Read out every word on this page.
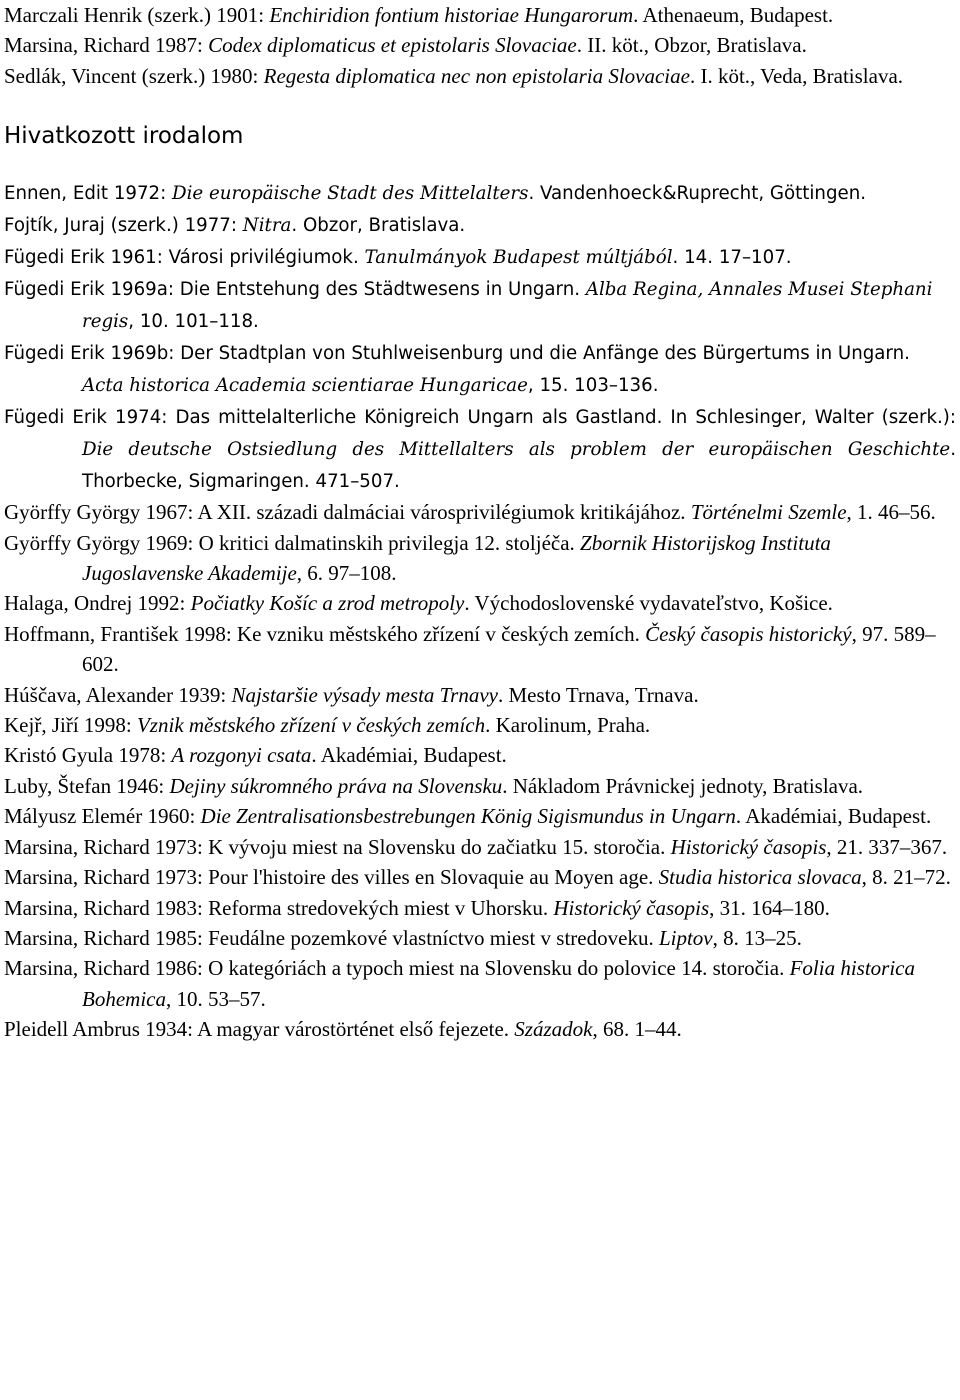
Marczali Henrik (szerk.) 1901: Enchiridion fontium historiae Hungarorum. Athenaeum, Budapest.

Marsina, Richard 1987: Codex diplomaticus et epistolaris Slovaciae. II. köt., Obzor, Bratislava.

Sedlák, Vincent (szerk.) 1980: Regesta diplomatica nec non epistolaria Slovaciae. I. köt., Veda, Bratislava.

Hivatkozott irodalom

Ennen, Edit 1972: Die europäische Stadt des Mittelalters. Vandenhoeck&Ruprecht, Göttingen.

Fojtík, Juraj (szerk.) 1977: Nitra. Obzor, Bratislava.

Fügedi Erik 1961: Városi privilégiumok. Tanulmányok Budapest múltjából. 14. 17–107.

Fügedi Erik 1969a: Die Entstehung des Städtwesens in Ungarn. Alba Regina, Annales Musei Stephani regis, 10. 101–118.

Fügedi Erik 1969b: Der Stadtplan von Stuhlweisenburg und die Anfänge des Bürgertums in Ungarn. Acta historica Academia scientiarae Hungaricae, 15. 103–136.

Fügedi Erik 1974: Das mittelalterliche Königreich Ungarn als Gastland. In Schlesinger, Walter (szerk.): Die deutsche Ostsiedlung des Mittellalters als problem der europäischen Geschichte. Thorbecke, Sigmaringen. 471–507.

Györffy György 1967: A XII. századi dalmáciai városprivilégiumok kritikájához. Történelmi Szemle, 1. 46–56.

Györffy György 1969: O kritici dalmatinskih privilegja 12. stoljéča. Zbornik Historijskog Instituta Jugoslavenske Akademije, 6. 97–108.

Halaga, Ondrej 1992: Počiatky Košíc a zrod metropoly. Východoslovenské vydavateľstvo, Košice.

Hoffmann, František 1998: Ke vzniku městského zřízení v českých zemích. Český časopis historický, 97. 589–602.

Húščava, Alexander 1939: Najstaršie výsady mesta Trnavy. Mesto Trnava, Trnava.

Kejř, Jiří 1998: Vznik městského zřízení v českých zemích. Karolinum, Praha.

Kristó Gyula 1978: A rozgonyi csata. Akadémiai, Budapest.

Luby, Štefan 1946: Dejiny súkromného práva na Slovensku. Nákladom Právnickej jednoty, Bratislava.

Mályusz Elemér 1960: Die Zentralisationsbestrebungen König Sigismundus in Ungarn. Akadémiai, Budapest.

Marsina, Richard 1973: K vývoju miest na Slovensku do začiatku 15. storočia. Historický časopis, 21. 337–367.

Marsina, Richard 1973: Pour l'histoire des villes en Slovaquie au Moyen age. Studia historica slovaca, 8. 21–72.

Marsina, Richard 1983: Reforma stredovekých miest v Uhorsku. Historický časopis, 31. 164–180.

Marsina, Richard 1985: Feudálne pozemkové vlastníctvo miest v stredoveku. Liptov, 8. 13–25.

Marsina, Richard 1986: O kategóriách a typoch miest na Slovensku do polovice 14. storočia. Folia historica Bohemica, 10. 53–57.

Pleidell Ambrus 1934: A magyar várostörténet első fejezete. Századok, 68. 1–44.
